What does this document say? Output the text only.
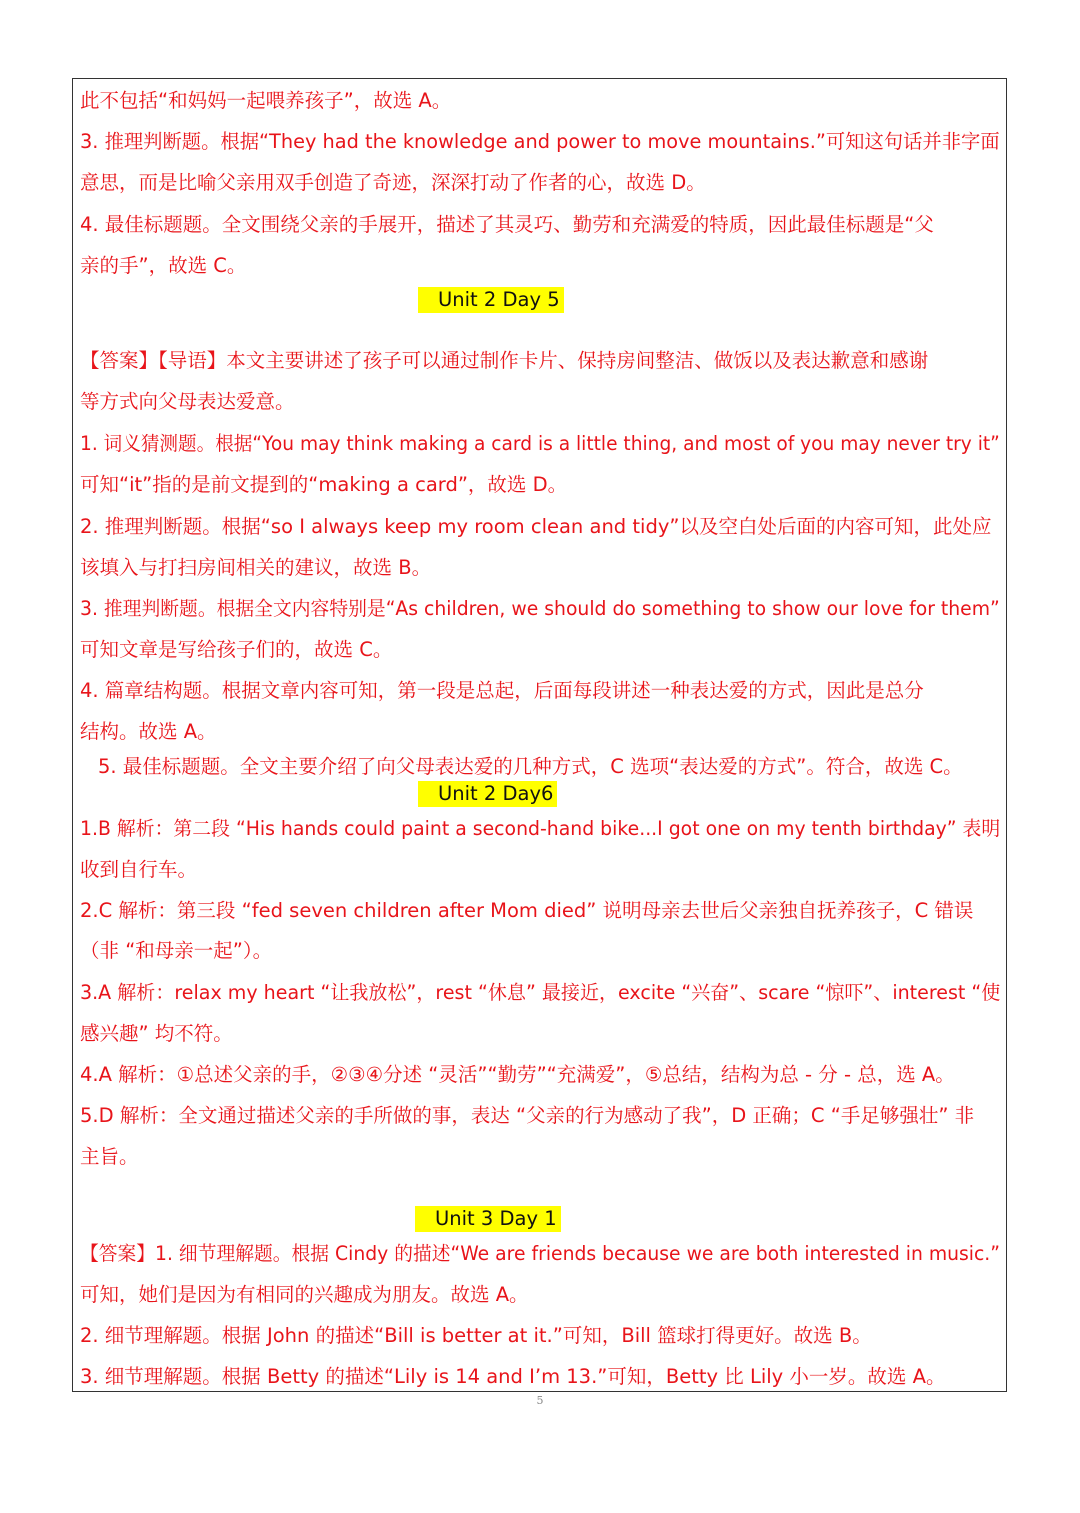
此不包括“和妈妈一起喂养孩子”，故选 A。
3. 推理判断题。根据“They had the knowledge and power to move mountains.”可知这句话并非字面
意思，而是比喻父亲用双手创造了奇迹，深深打动了作者的心，故选 D。
4. 最佳标题题。全文围绕父亲的手展开，描述了其灵巧、勤劳和充满爱的特质，因此最佳标题是“父
亲的手”，故选 C。
Unit 2 Day 5
【答案】【导语】本文主要讲述了孩子可以通过制作卡片、保持房间整洁、做饭以及表达歉意和感谢
等方式向父母表达爱意。
1. 词义猜测题。根据“You may think making a card is a little thing, and most of you may never try it”
可知“it”指的是前文提到的“making a card”，故选 D。
2. 推理判断题。根据“so I always keep my room clean and tidy”以及空白处后面的内容可知，此处应
该填入与打扫房间相关的建议，故选 B。
3. 推理判断题。根据全文内容特别是“As children, we should do something to show our love for them”
可知文章是写给孩子们的，故选 C。
4. 篇章结构题。根据文章内容可知，第一段是总起，后面每段讲述一种表达爱的方式，因此是总分
结构。故选 A。
5. 最佳标题题。全文主要介绍了向父母表达爱的几种方式，C 选项“表达爱的方式”。符合，故选 C。
Unit 2 Day6
1.B 解析：第二段 “His hands could paint a second-hand bike...I got one on my tenth birthday” 表明
收到自行车。
2.C 解析：第三段 “fed seven children after Mom died” 说明母亲去世后父亲独自抚养孩子，C 错误
（非 “和母亲一起”）。
3.A 解析：relax my heart “让我放松”，rest “休息” 最接近，excite “兴奋”、scare “惊吓”、interest “使
感兴趣” 均不符。
4.A 解析：①总述父亲的手，②③④分述 “灵活”“勤劳”“充满爱”，⑤总结，结构为总 - 分 - 总，选 A。
5.D 解析：全文通过描述父亲的手所做的事，表达 “父亲的行为感动了我”，D 正确；C “手足够强壮” 非
主旨。
Unit 3 Day 1
【答案】1. 细节理解题。根据 Cindy 的描述“We are friends because we are both interested in music.”
可知，她们是因为有相同的兴趣成为朋友。故选 A。
2. 细节理解题。根据 John 的描述“Bill is better at it.”可知，Bill 篮球打得更好。故选 B。
3. 细节理解题。根据 Betty 的描述“Lily is 14 and I’m 13.”可知，Betty 比 Lily 小一岁。故选 A。
5
